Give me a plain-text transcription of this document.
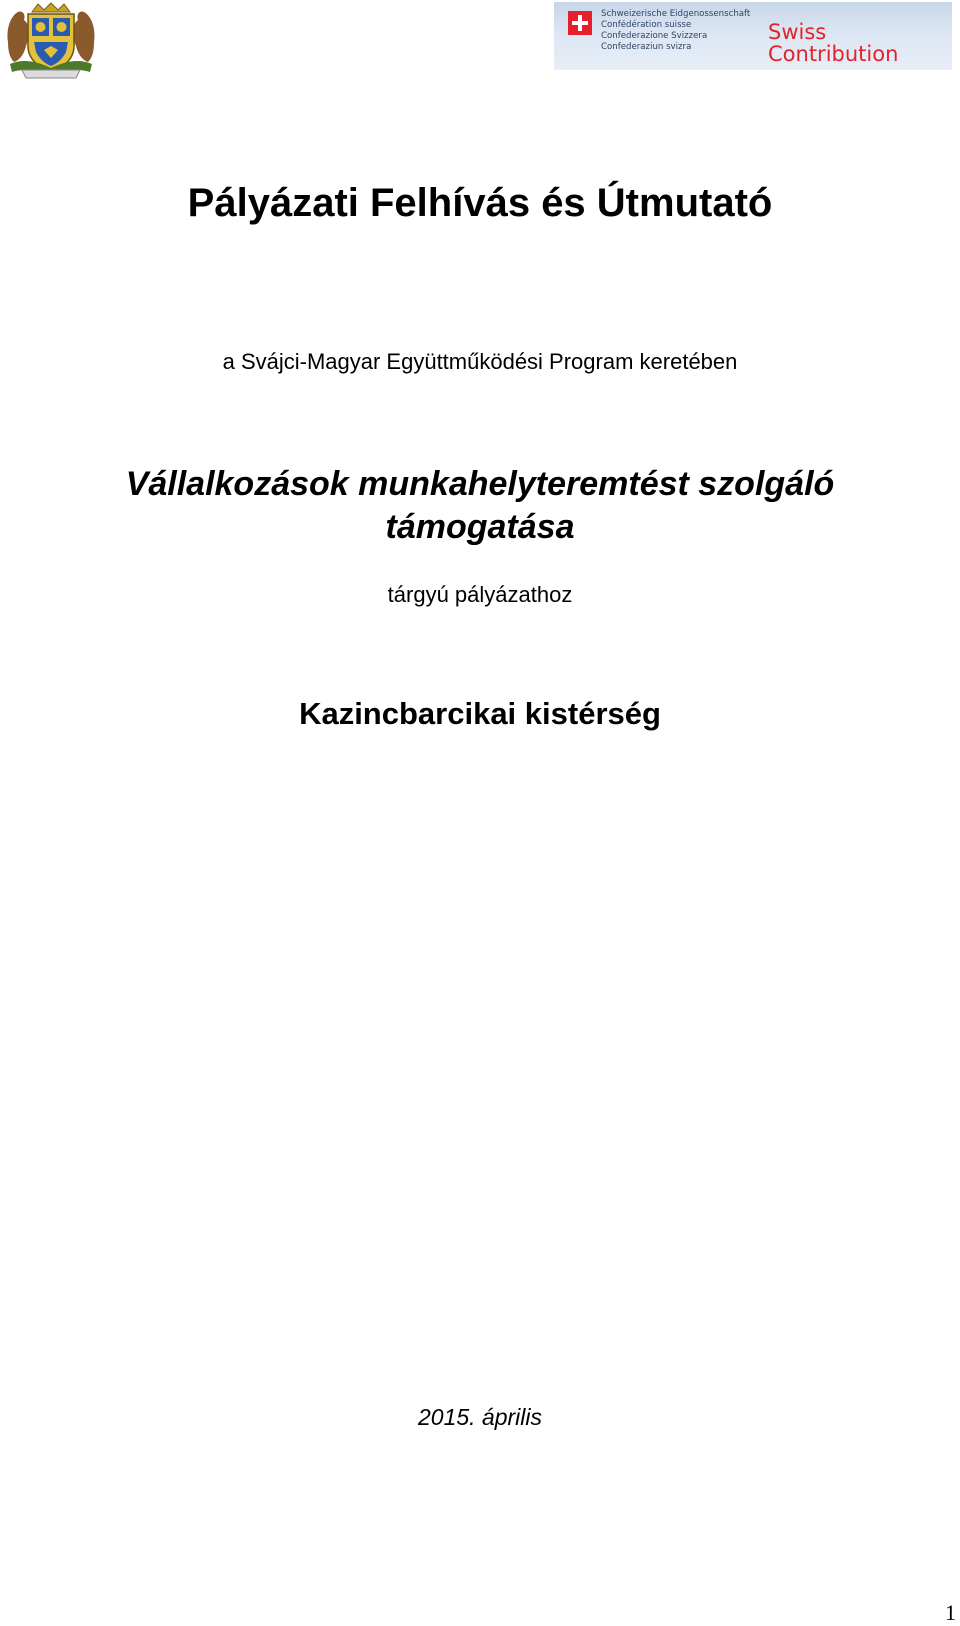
Schweizerische Eidgenossenschaft
Confédération suisse
Confederazione Svizzera
Confederaziun svizra
Swiss
Contribution
Pályázati Felhívás és Útmutató
a Svájci-Magyar Együttműködési Program keretében
Vállalkozások munkahelyteremtést szolgáló
támogatása
tárgyú pályázathoz
Kazincbarcikai kistérség
2015. április
1
